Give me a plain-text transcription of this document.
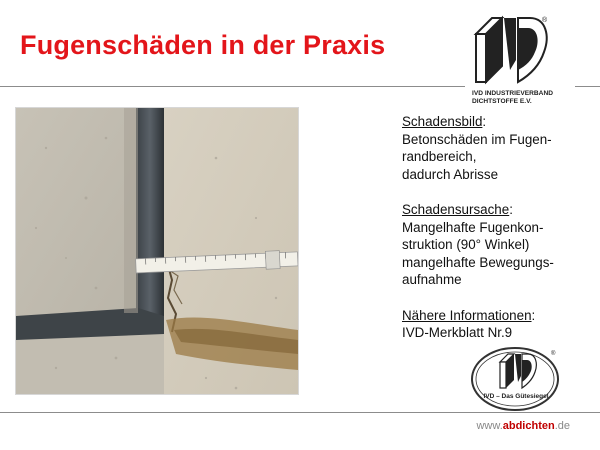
Fugenschäden in der Praxis
®
IVD INDUSTRIEVERBAND
DICHTSTOFFE E.V.
Schadensbild:
Betonschäden im Fugen-
randbereich,
dadurch Abrisse
Schadensursache:
Mangelhafte Fugenkon-
struktion (90° Winkel)
mangelhafte Bewegungs-
aufnahme
Nähere Informationen:
IVD-Merkblatt Nr.9
®
IVD – Das Gütesiegel
www.abdichten.de
